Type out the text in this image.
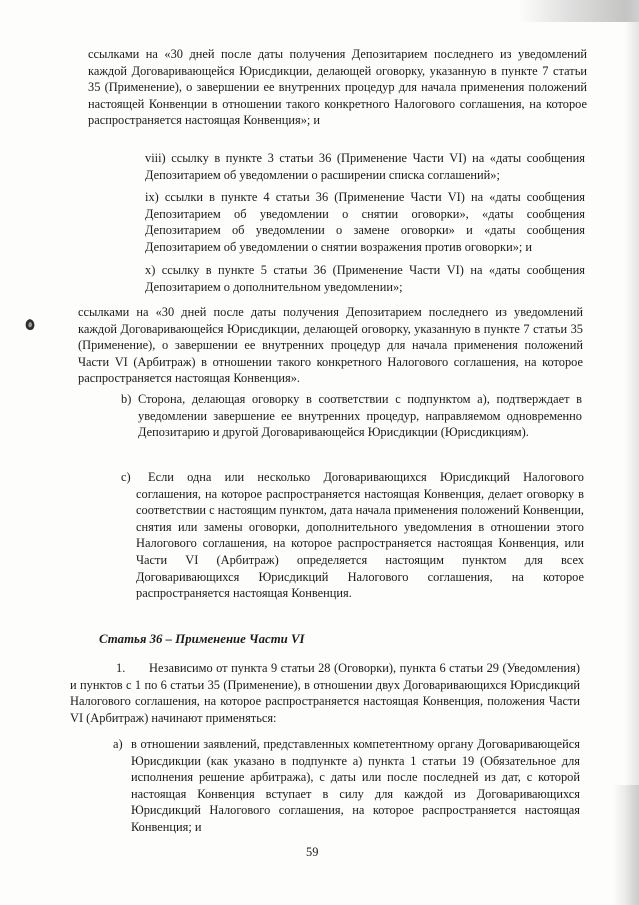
ссылками на «30 дней после даты получения Депозитарием последнего из уведомлений каждой Договаривающейся Юрисдикции, делающей оговорку, указанную в пункте 7 статьи 35 (Применение), о завершении ее внутренних процедур для начала применения положений настоящей Конвенции в отношении такого конкретного Налогового соглашения, на которое распространяется настоящая Конвенция»; и

viii) ссылку в пункте 3 статьи 36 (Применение Части VI) на «даты сообщения Депозитарием об уведомлении о расширении списка соглашений»;

ix) ссылки в пункте 4 статьи 36 (Применение Части VI) на «даты сообщения Депозитарием об уведомлении о снятии оговорки», «даты сообщения Депозитарием об уведомлении о замене оговорки» и «даты сообщения Депозитарием об уведомлении о снятии возражения против оговорки»; и

x) ссылку в пункте 5 статьи 36 (Применение Части VI) на «даты сообщения Депозитарием о дополнительном уведомлении»;

ссылками на «30 дней после даты получения Депозитарием последнего из уведомлений каждой Договаривающейся Юрисдикции, делающей оговорку, указанную в пункте 7 статьи 35 (Применение), о завершении ее внутренних процедур для начала применения положений Части VI (Арбитраж) в отношении такого конкретного Налогового соглашения, на которое распространяется настоящая Конвенция».

b) Сторона, делающая оговорку в соответствии с подпунктом а), подтверждает в уведомлении завершение ее внутренних процедур, направляемом одновременно Депозитарию и другой Договаривающейся Юрисдикции (Юрисдикциям).

c)	Если одна или несколько Договаривающихся Юрисдикций Налогового соглашения, на которое распространяется настоящая Конвенция, делает оговорку в соответствии с настоящим пунктом, дата начала применения положений Конвенции, снятия или замены оговорки, дополнительного уведомления в отношении этого Налогового соглашения, на которое распространяется настоящая Конвенция, или Части VI (Арбитраж) определяется настоящим пунктом для всех Договаривающихся Юрисдикций Налогового соглашения, на которое распространяется настоящая Конвенция.

Статья 36 – Применение Части VI

1.	Независимо от пункта 9 статьи 28 (Оговорки), пункта 6 статьи 29 (Уведомления) и пунктов с 1 по 6 статьи 35 (Применение), в отношении двух Договаривающихся Юрисдикций Налогового соглашения, на которое распространяется настоящая Конвенция, положения Части VI (Арбитраж) начинают применяться:

а) в отношении заявлений, представленных компетентному органу Договаривающейся Юрисдикции (как указано в подпункте а) пункта 1 статьи 19 (Обязательное для исполнения решение арбитража), с даты или после последней из дат, с которой настоящая Конвенция вступает в силу для каждой из Договаривающихся Юрисдикций Налогового соглашения, на которое распространяется настоящая Конвенция; и

59
